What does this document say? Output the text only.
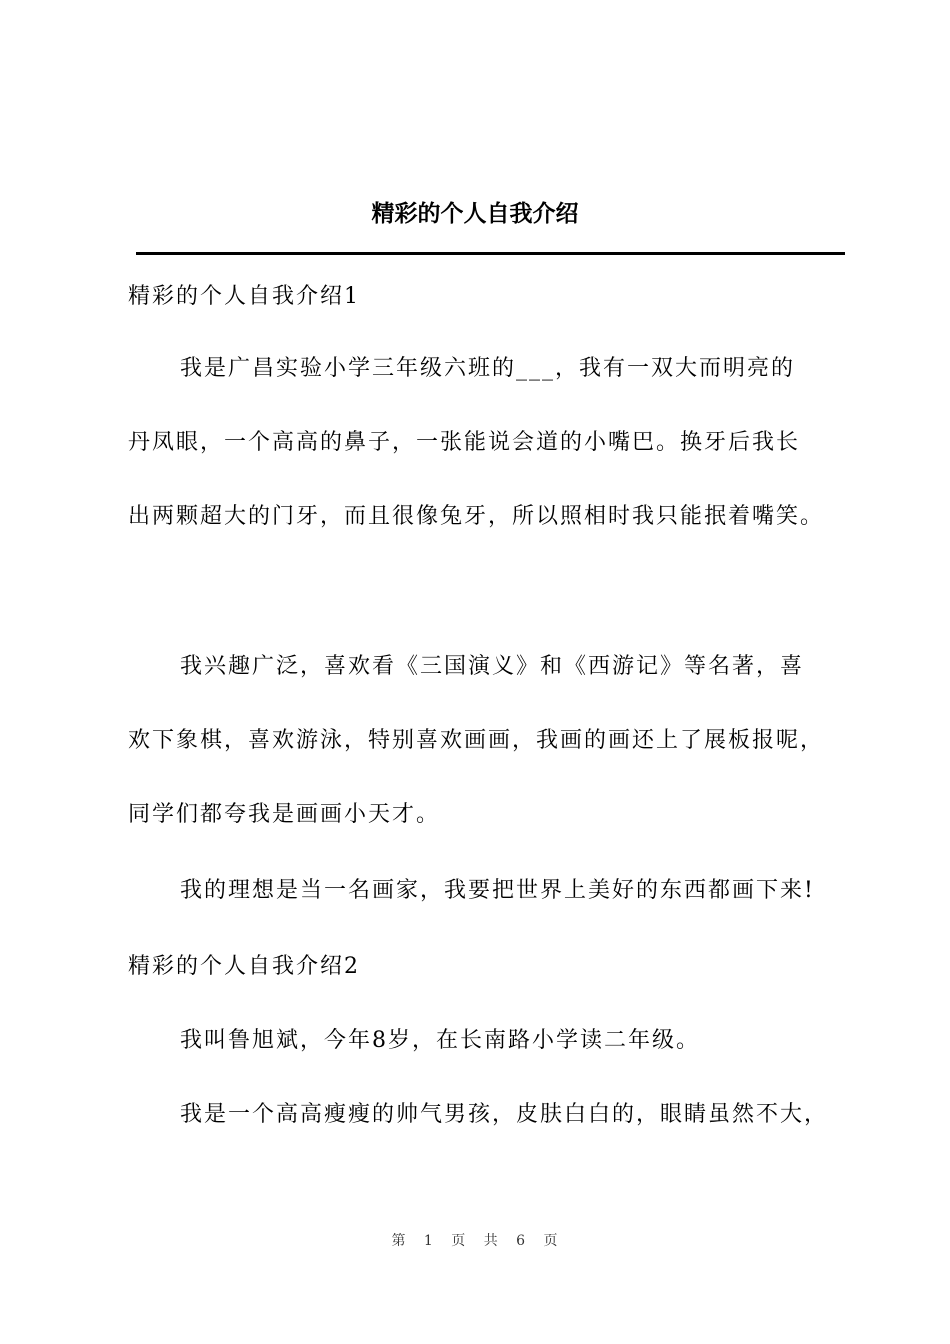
精彩的个人自我介绍
精彩的个人自我介绍1
我是广昌实验小学三年级六班的___，我有一双大而明亮的
丹凤眼，一个高高的鼻子，一张能说会道的小嘴巴。换牙后我长
出两颗超大的门牙，而且很像兔牙，所以照相时我只能抿着嘴笑。
我兴趣广泛，喜欢看《三国演义》和《西游记》等名著，喜
欢下象棋，喜欢游泳，特别喜欢画画，我画的画还上了展板报呢，
同学们都夸我是画画小天才。
我的理想是当一名画家，我要把世界上美好的东西都画下来!
精彩的个人自我介绍2
我叫鲁旭斌，今年8岁，在长南路小学读二年级。
我是一个高高瘦瘦的帅气男孩，皮肤白白的，眼睛虽然不大，
第 1 页 共 6 页
